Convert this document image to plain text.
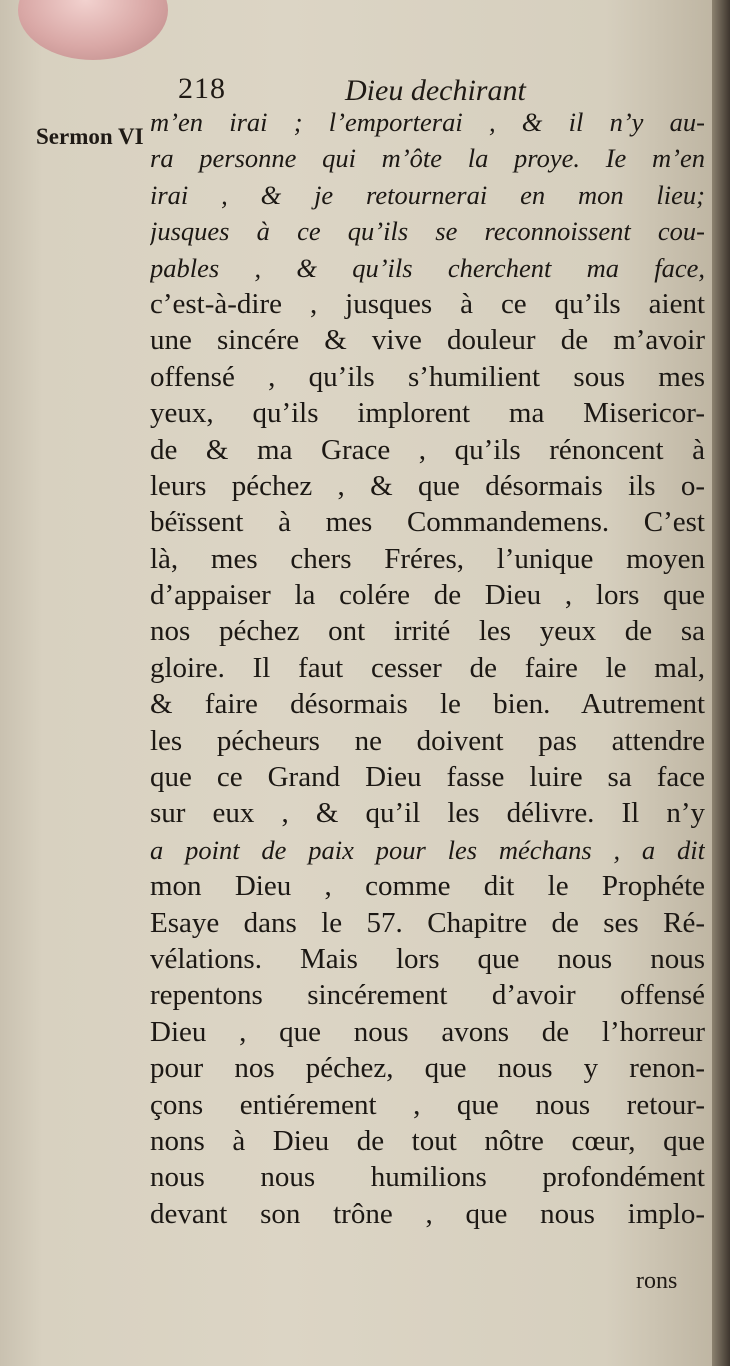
218	Dieu dechirant
Sermon VI m’en irai ; l’emporterai , & il n’y au-
ra personne qui m’ôte la proye. Ie m’en
irai , & je retournerai en mon lieu;
jusques à ce qu’ils se reconnoissent cou-
pables , & qu’ils cherchent ma face,
c’est-à-dire , jusques à ce qu’ils aient
une sincére & vive douleur de m’avoir
offensé , qu’ils s’humilient sous mes
yeux, qu’ils implorent ma Misericor-
de & ma Grace , qu’ils rénoncent à
leurs péchez , & que désormais ils o-
béïssent à mes Commandemens. C’est
là, mes chers Fréres, l’unique moyen
d’appaiser la colére de Dieu , lors que
nos péchez ont irrité les yeux de sa
gloire. Il faut cesser de faire le mal,
& faire désormais le bien. Autrement
les pécheurs ne doivent pas attendre
que ce Grand Dieu fasse luire sa face
sur eux , & qu’il les délivre. Il n’y
a point de paix pour les méchans , a dit
mon Dieu , comme dit le Prophéte
Esaye dans le 57. Chapitre de ses Ré-
vélations. Mais lors que nous nous
repentons sincérement d’avoir offensé
Dieu , que nous avons de l’horreur
pour nos péchez, que nous y renon-
çons entiérement , que nous retour-
nons à Dieu de tout nôtre cœur, que
nous nous humilions profondément
devant son trône , que nous implo-
rons
